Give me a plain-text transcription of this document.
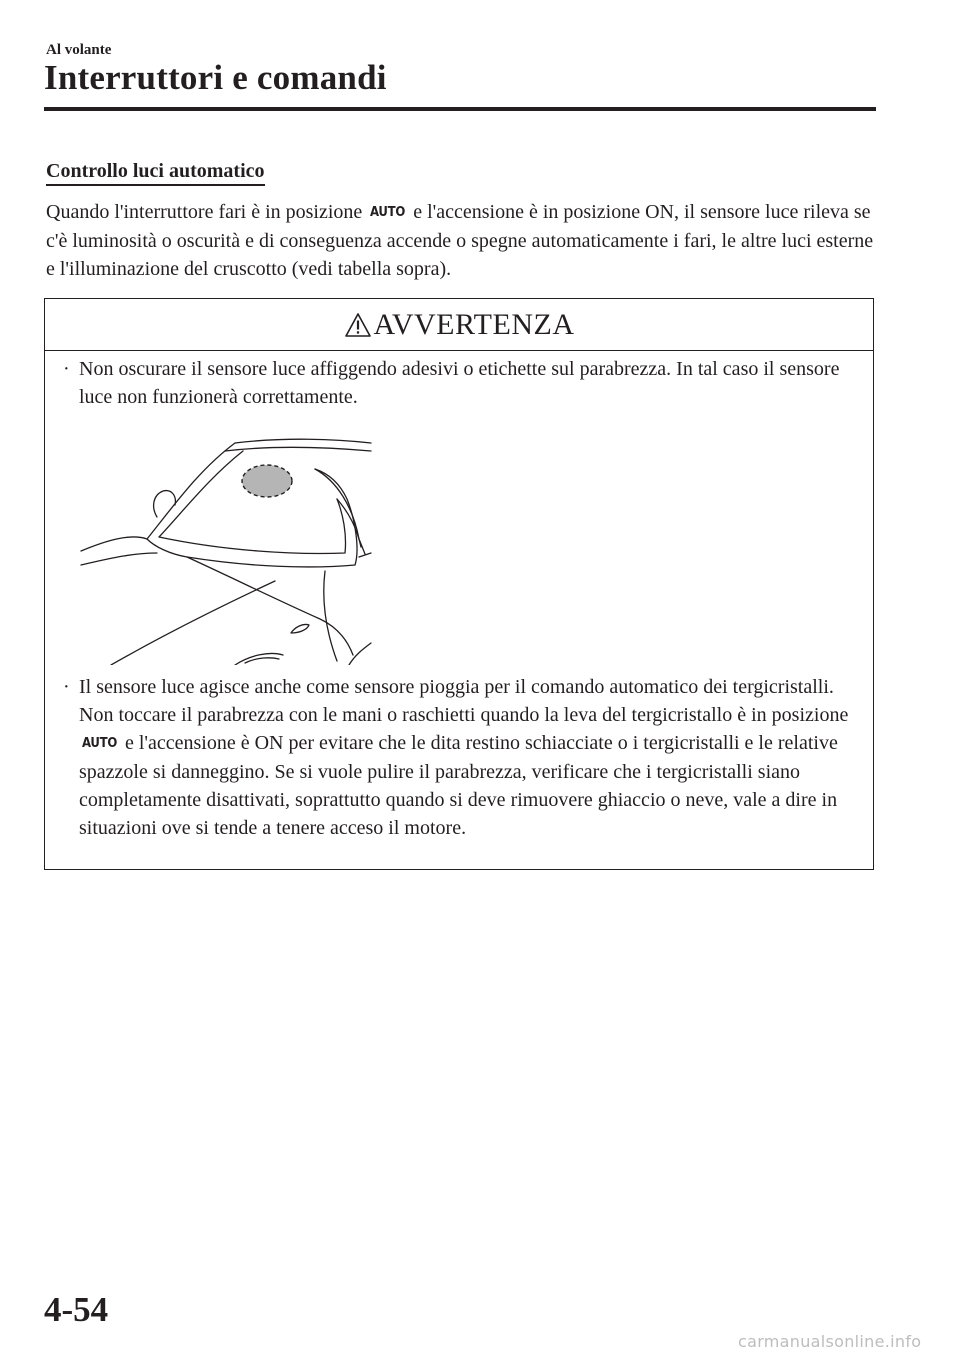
Al volante
Interruttori e comandi
Controllo luci automatico

Quando l'interruttore fari è in posizione AUTO e l'accensione è in posizione ON, il sensore luce rileva se c'è luminosità o oscurità e di conseguenza accende o spegne automaticamente i fari, le altre luci esterne e l'illuminazione del cruscotto (vedi tabella sopra).

AVVERTENZA
· Non oscurare il sensore luce affiggendo adesivi o etichette sul parabrezza. In tal caso il sensore luce non funzionerà correttamente.
· Il sensore luce agisce anche come sensore pioggia per il comando automatico dei tergicristalli. Non toccare il parabrezza con le mani o raschietti quando la leva del tergicristallo è in posizione AUTO e l'accensione è ON per evitare che le dita restino schiacciate o i tergicristalli e le relative spazzole si danneggino. Se si vuole pulire il parabrezza, verificare che i tergicristalli siano completamente disattivati, soprattutto quando si deve rimuovere ghiaccio o neve, vale a dire in situazioni ove si tende a tenere acceso il motore.
4-54
carmanualsonline.info
